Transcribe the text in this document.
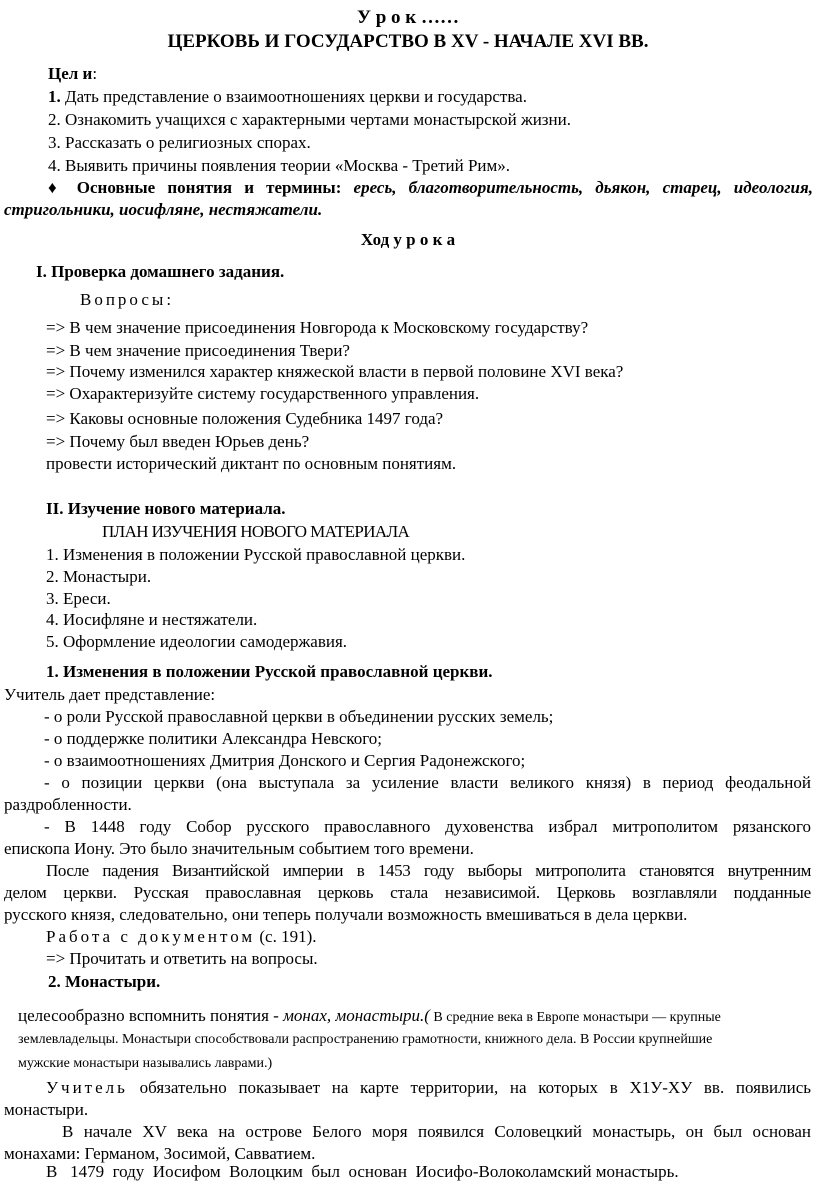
У р о к ……
ЦЕРКОВЬ И ГОСУДАРСТВО В XV - НАЧАЛЕ XVI ВВ.
Цел и:
1. Дать представление о взаимоотношениях церкви и государства.
2. Ознакомить учащихся с характерными чертами монастырской жизни.
3. Рассказать о религиозных спорах.
4. Выявить причины появления теории «Москва - Третий Рим».
♦ Основные понятия и термины: ересь, благотворительность, дьякон, старец, идеология,
стригольники, иосифляне, нестяжатели.
Ход у р о к а
I. Проверка домашнего задания.
Вопросы:
=> В чем значение присоединения Новгорода к Московскому государству?
=> В чем значение присоединения Твери?
=> Почему изменился характер княжеской власти в первой половине XVI века?
=> Охарактеризуйте систему государственного управления.
=> Каковы основные положения Судебника 1497 года?
=> Почему был введен Юрьев день?
провести исторический диктант по основным понятиям.
II. Изучение нового материала.
ПЛАН ИЗУЧЕНИЯ НОВОГО МАТЕРИАЛА
1. Изменения в положении Русской православной церкви.
2. Монастыри.
3. Ереси.
4. Иосифляне и нестяжатели.
5. Оформление идеологии самодержавия.
1. Изменения в положении Русской православной церкви.
Учитель дает представление:
- о роли Русской православной церкви в объединении русских земель;
- о поддержке политики Александра Невского;
- о взаимоотношениях Дмитрия Донского и Сергия Радонежского;
- о позиции церкви (она выступала за усиление власти великого князя) в период феодальной
раздробленности.
- В 1448 году Собор русского православного духовенства избрал митрополитом рязанского
епископа Иону. Это было значительным событием того времени.
После падения Византийской империи в 1453 году выборы митрополита становятся внутренним
делом церкви. Русская православная церковь стала независимой. Церковь возглавляли подданные
русского князя, следовательно, они теперь получали возможность вмешиваться в дела церкви.
Работа с документом (с. 191).
=> Прочитать и ответить на вопросы.
2. Монастыри.
целесообразно вспомнить понятия - монах, монастыри.( В средние века в Европе монастыри — крупные
землевладельцы. Монастыри способствовали распространению грамотности, книжного дела. В России крупнейшие
мужские монастыри назывались лаврами.)
Учитель обязательно показывает на карте территории, на которых в Х1У-ХУ вв. появились
монастыри.
В начале XV века на острове Белого моря появился Соловецкий монастырь, он был основан
монахами: Германом, Зосимой, Савватием.
В   1479  году  Иосифом  Волоцким  был  основан  Иосифо-Волоколамский монастырь.
